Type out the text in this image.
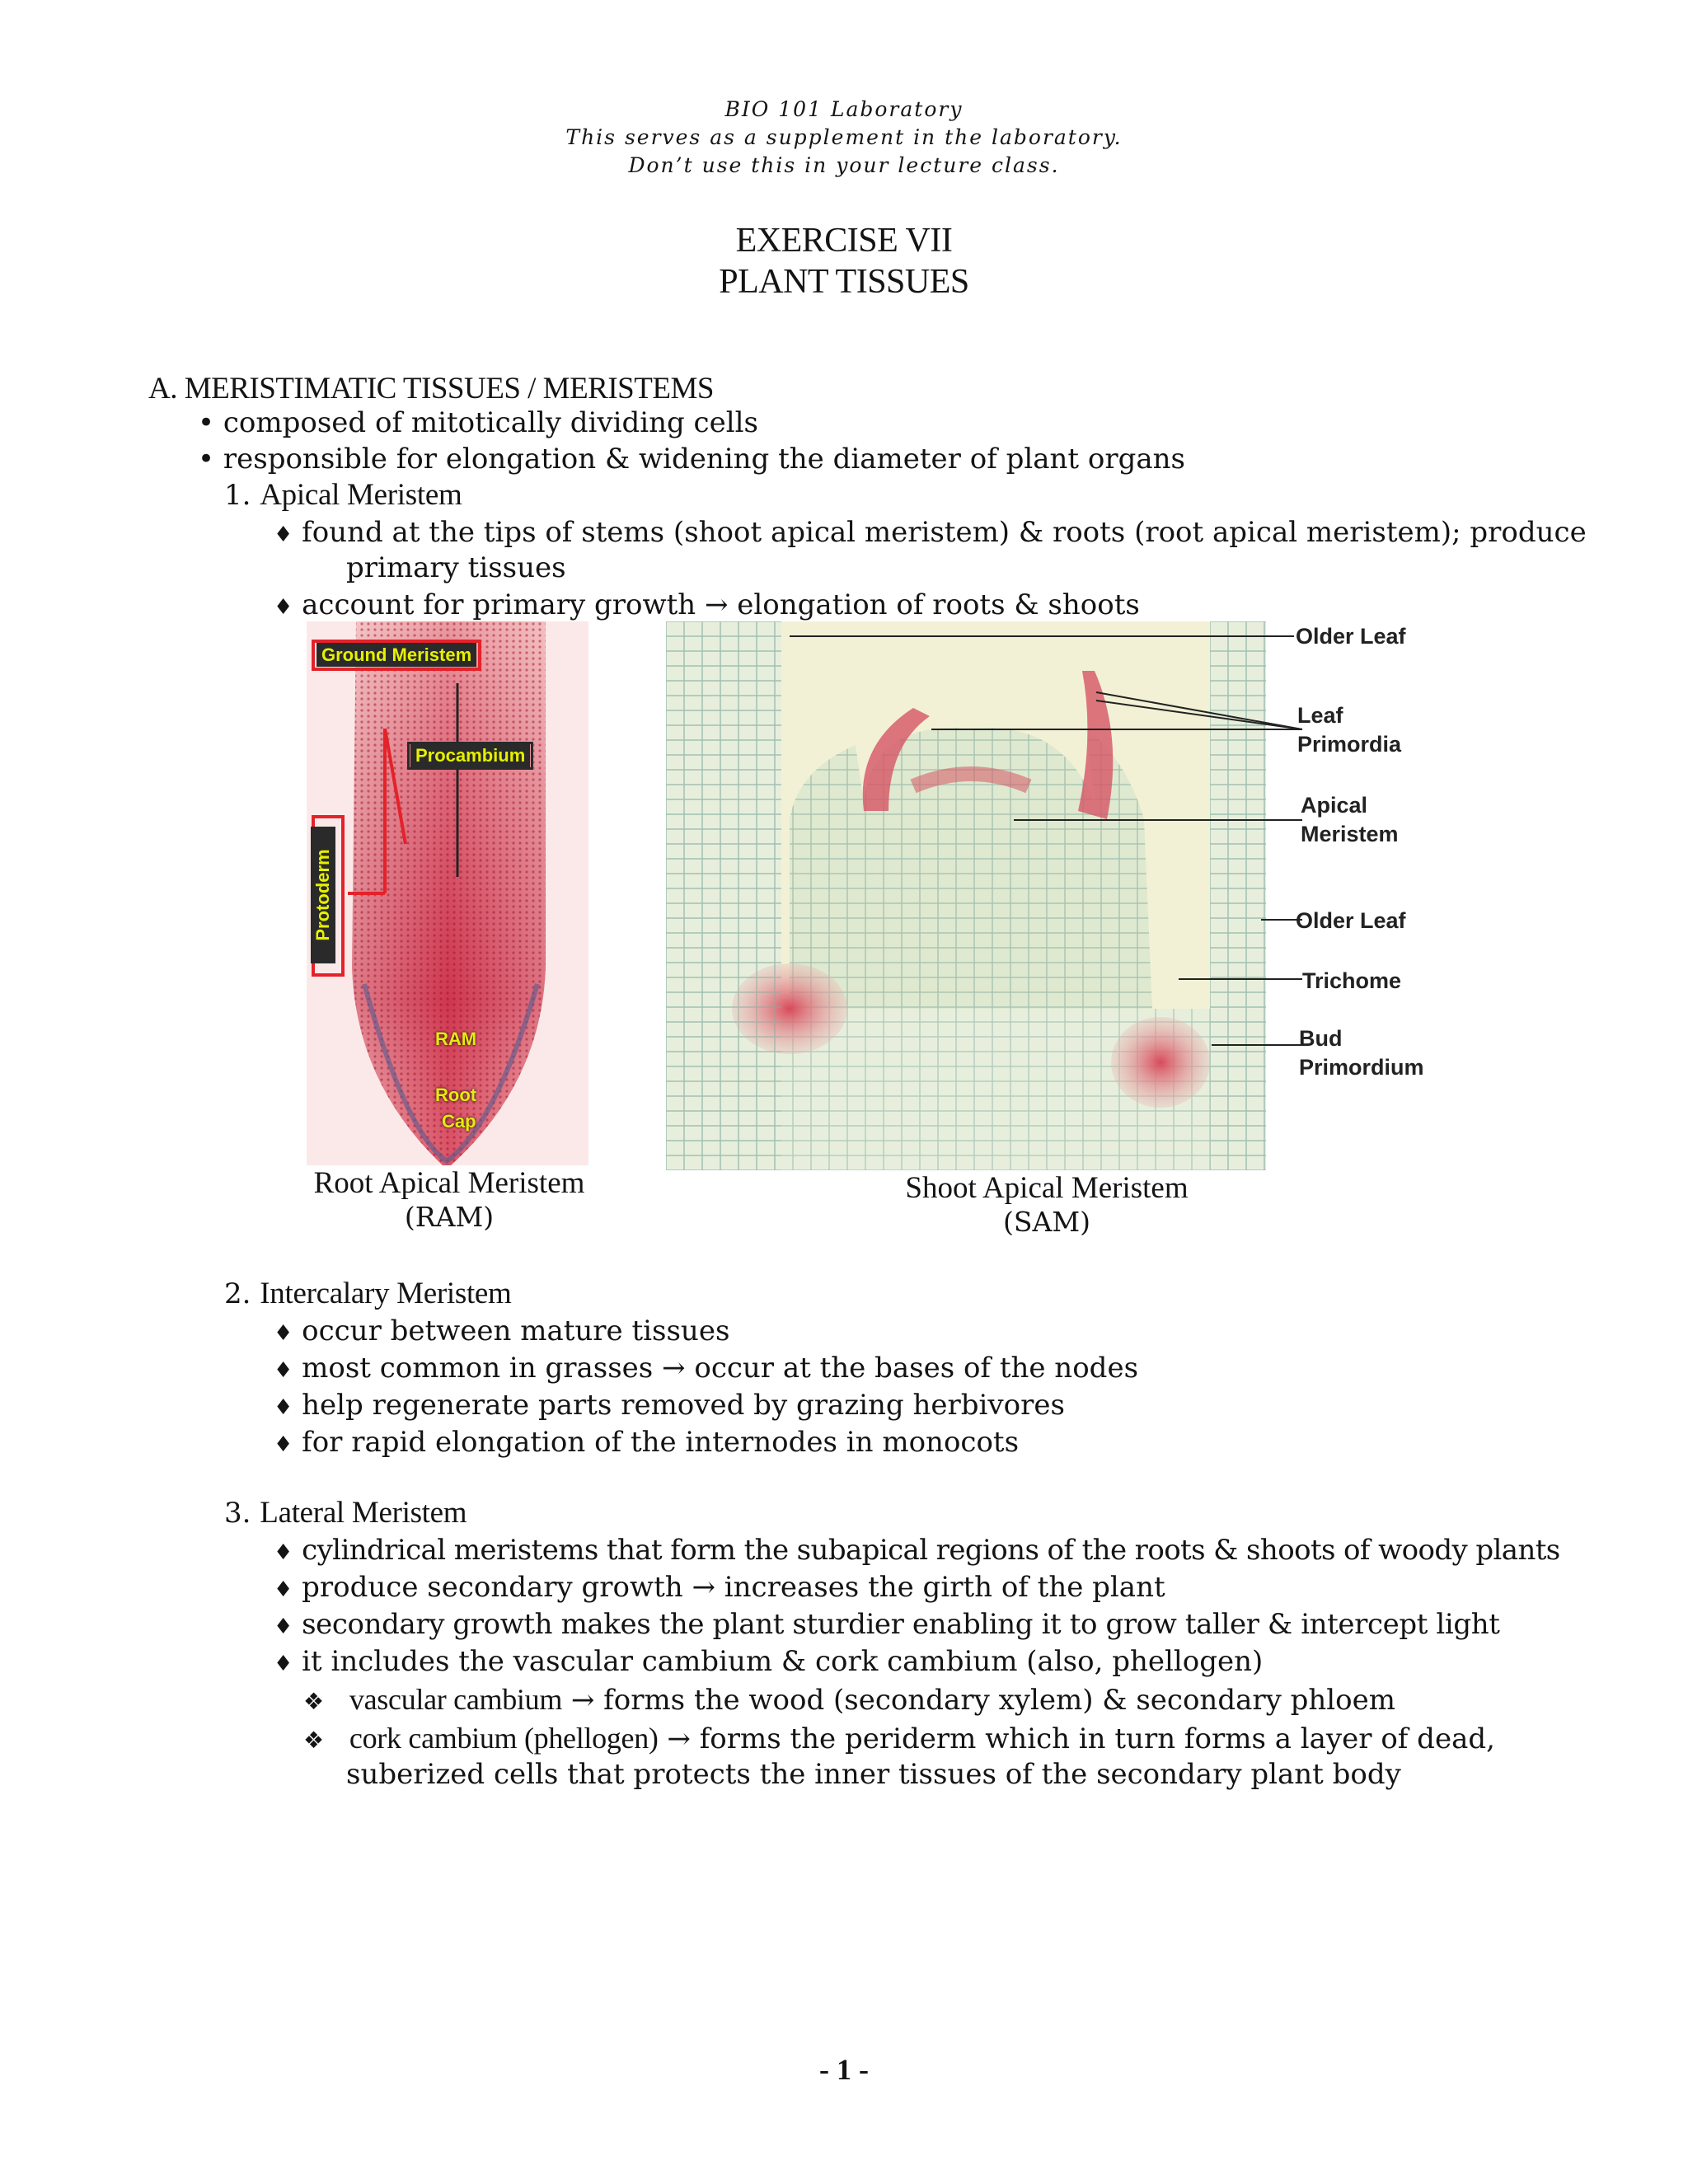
BIO 101 Laboratory
This serves as a supplement in the laboratory.
Don’t use this in your lecture class.
EXERCISE VII
PLANT TISSUES
A. MERISTIMATIC TISSUES / MERISTEMS
• composed of mitotically dividing cells
• responsible for elongation & widening the diameter of plant organs
1. Apical Meristem
♦ found at the tips of stems (shoot apical meristem) & roots (root apical meristem); produce
primary tissues
♦ account for primary growth → elongation of roots & shoots
Ground Meristem
Procambium
Protoderm
RAM
Root
Cap
Root Apical Meristem
(RAM)
Older Leaf
Leaf
Primordia
Apical
Meristem
Older Leaf
Trichome
Bud
Primordium
Shoot Apical Meristem
(SAM)
2. Intercalary Meristem
♦ occur between mature tissues
♦ most common in grasses → occur at the bases of the nodes
♦ help regenerate parts removed by grazing herbivores
♦ for rapid elongation of the internodes in monocots
3. Lateral Meristem
♦ cylindrical meristems that form the subapical regions of the roots & shoots of woody plants
♦ produce secondary growth → increases the girth of the plant
♦ secondary growth makes the plant sturdier enabling it to grow taller & intercept light
♦ it includes the vascular cambium & cork cambium (also, phellogen)
❖ vascular cambium → forms the wood (secondary xylem) & secondary phloem
❖ cork cambium (phellogen) → forms the periderm which in turn forms a layer of dead,
suberized cells that protects the inner tissues of the secondary plant body
- 1 -
